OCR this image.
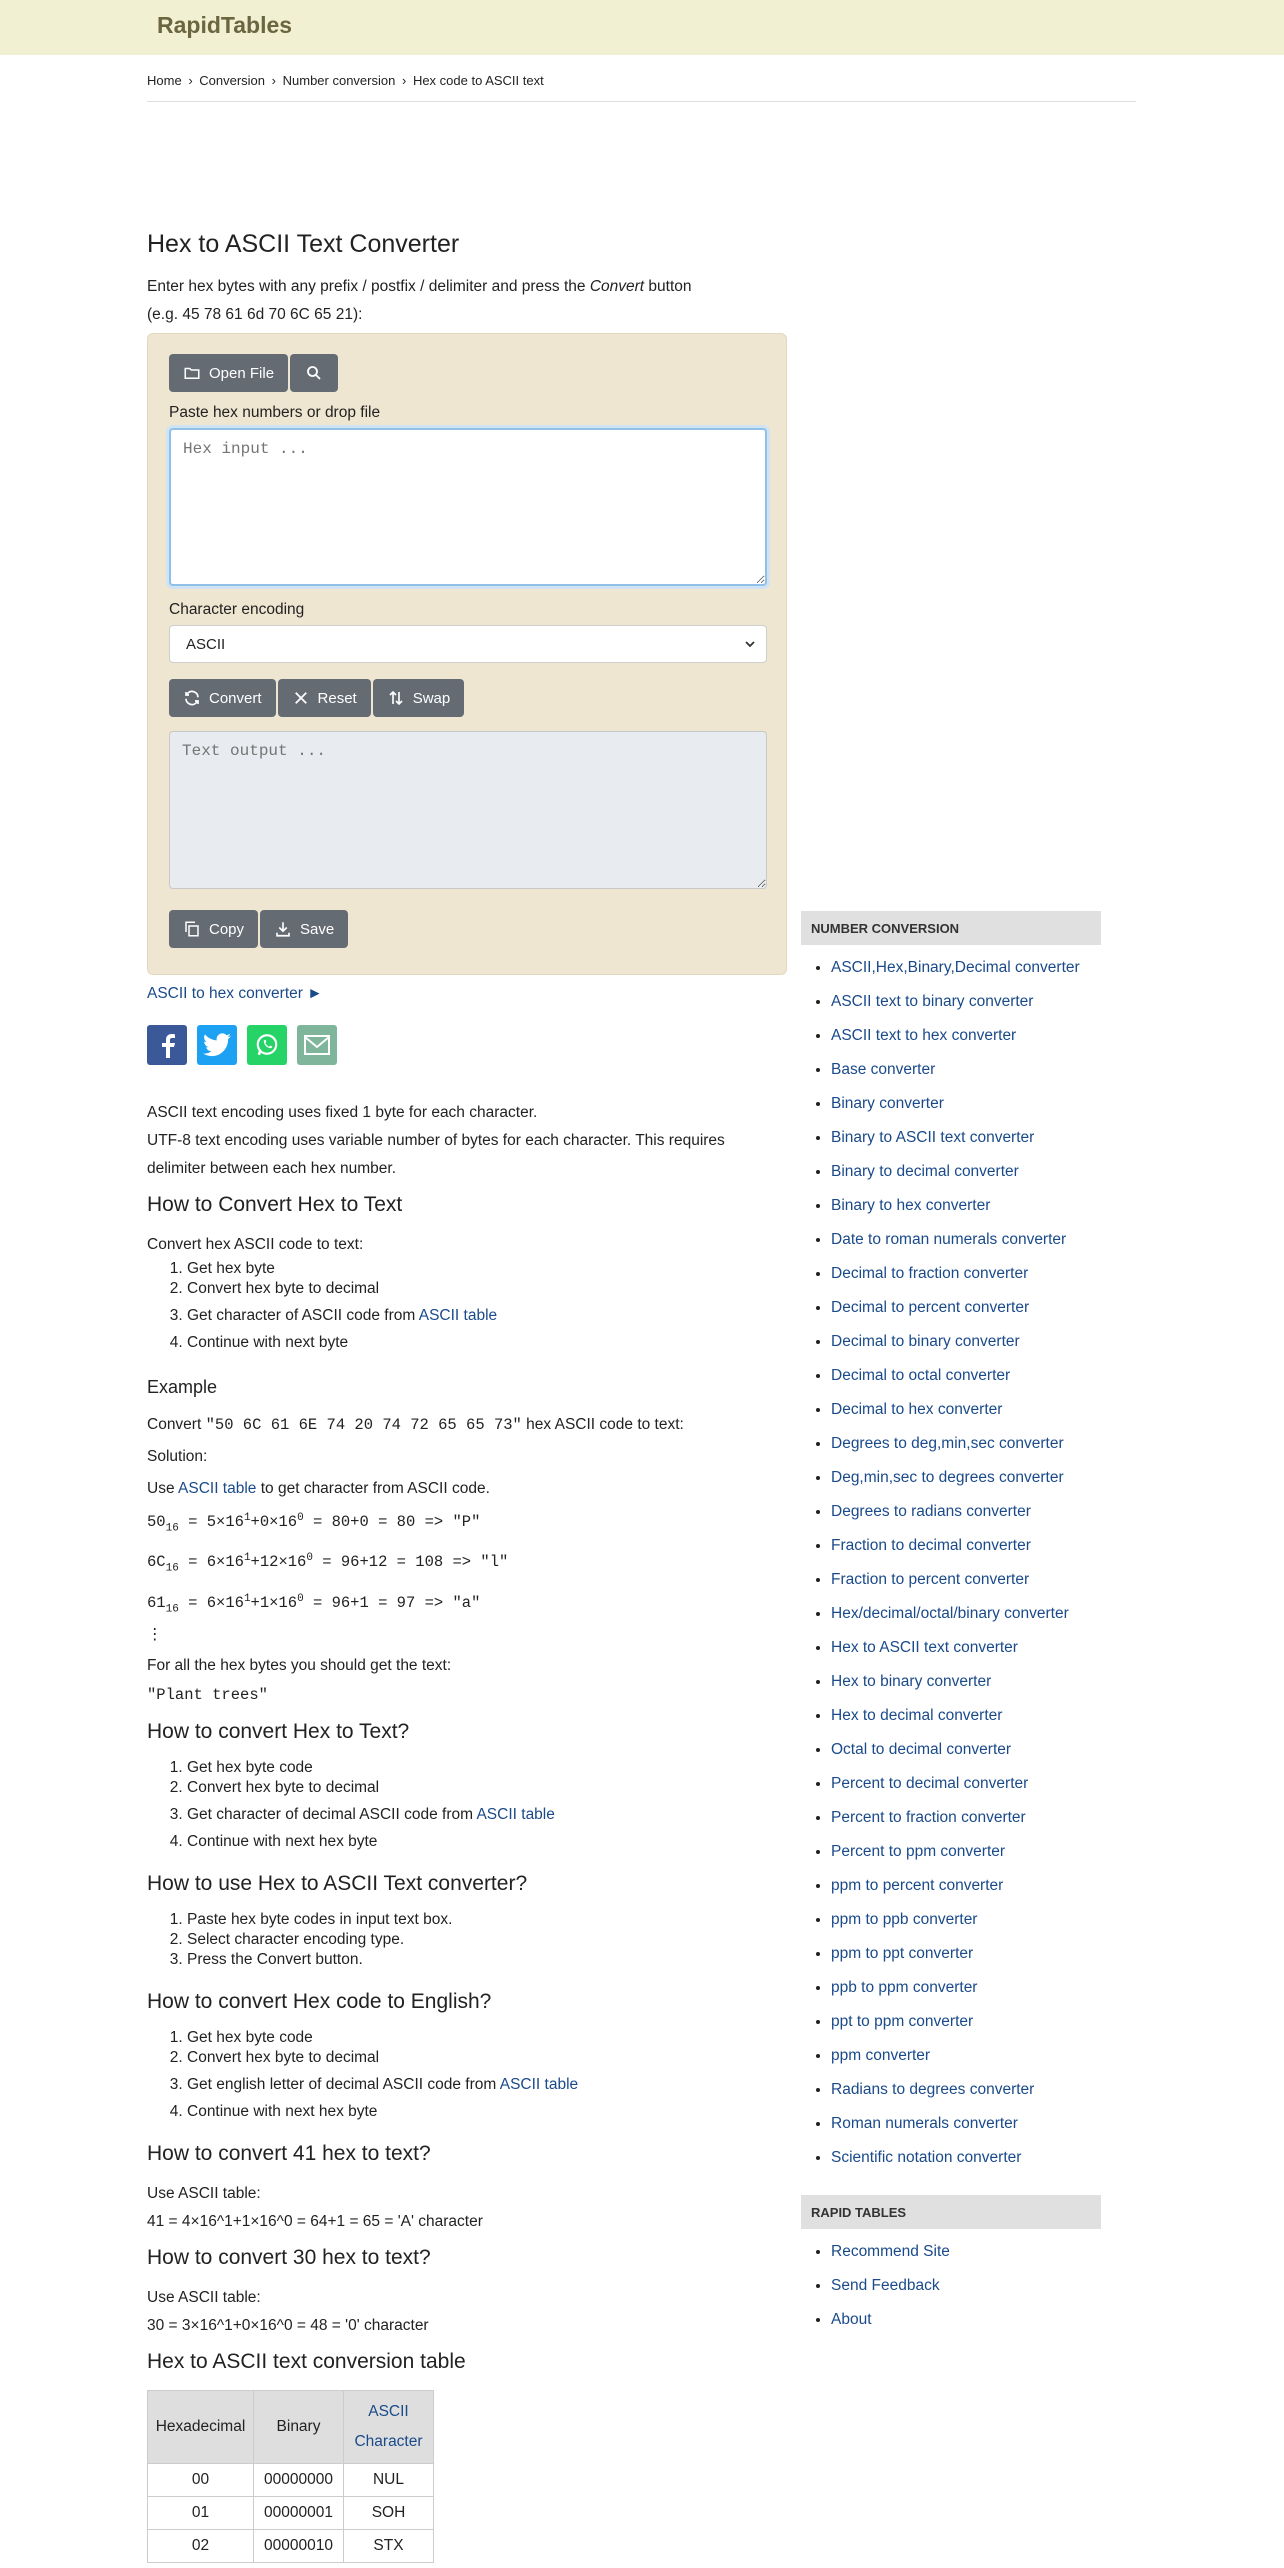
RapidTables
Home › Conversion › Number conversion › Hex code to ASCII text
Hex to ASCII Text Converter

Enter hex bytes with any prefix / postfix / delimiter and press the Convert button

(e.g. 45 78 61 6d 70 6C 65 21):

Open File
Paste hex numbers or drop file
Hex input ...
Character encoding
ASCII
Convert	Reset	Swap
Text output ...
Copy	Save
ASCII to hex converter ►

ASCII text encoding uses fixed 1 byte for each character.

UTF-8 text encoding uses variable number of bytes for each character. This requires delimiter between each hex number.

How to Convert Hex to Text

Convert hex ASCII code to text:

1. Get hex byte
2. Convert hex byte to decimal
3. Get character of ASCII code from ASCII table
4. Continue with next byte
Example

Convert "50 6C 61 6E 74 20 74 72 65 65 73" hex ASCII code to text:

Solution:

Use ASCII table to get character from ASCII code.

$50_{16} = 5\times 16^1+0\times 16^0 = 80+0 = 80$ => "P"
$6C_{16} = 6\times 16^1+12\times 16^0 = 96+12 = 108$ => "l"
$61_{16} = 6\times 16^1+1\times 16^0 = 96+1 = 97$ => "a"
⋮

For all the hex bytes you should get the text:

"Plant trees"
How to convert Hex to Text?
1. Get hex byte code
2. Convert hex byte to decimal
3. Get character of decimal ASCII code from ASCII table
4. Continue with next hex byte
How to use Hex to ASCII Text converter?
1. Paste hex byte codes in input text box.
2. Select character encoding type.
3. Press the Convert button.
How to convert Hex code to English?
1. Get hex byte code
2. Convert hex byte to decimal
3. Get english letter of decimal ASCII code from ASCII table
4. Continue with next hex byte
How to convert 41 hex to text?

Use ASCII table:

41 = 4×16^1+1×16^0 = 64+1 = 65 = 'A' character

How to convert 30 hex to text?

Use ASCII table:

30 = 3×16^1+0×16^0 = 48 = '0' character

Hex to ASCII text conversion table
Hexadecimal	Binary	ASCII Character
00	00000000	NUL
01	00000001	SOH
02	00000010	STX
NUMBER CONVERSION
• ASCII,Hex,Binary,Decimal converter
• ASCII text to binary converter
• ASCII text to hex converter
• Base converter
• Binary converter
• Binary to ASCII text converter
• Binary to decimal converter
• Binary to hex converter
• Date to roman numerals converter
• Decimal to fraction converter
• Decimal to percent converter
• Decimal to binary converter
• Decimal to octal converter
• Decimal to hex converter
• Degrees to deg,min,sec converter
• Deg,min,sec to degrees converter
• Degrees to radians converter
• Fraction to decimal converter
• Fraction to percent converter
• Hex/decimal/octal/binary converter
• Hex to ASCII text converter
• Hex to binary converter
• Hex to decimal converter
• Octal to decimal converter
• Percent to decimal converter
• Percent to fraction converter
• Percent to ppm converter
• ppm to percent converter
• ppm to ppb converter
• ppm to ppt converter
• ppb to ppm converter
• ppt to ppm converter
• ppm converter
• Radians to degrees converter
• Roman numerals converter
• Scientific notation converter
RAPID TABLES
• Recommend Site
• Send Feedback
• About
